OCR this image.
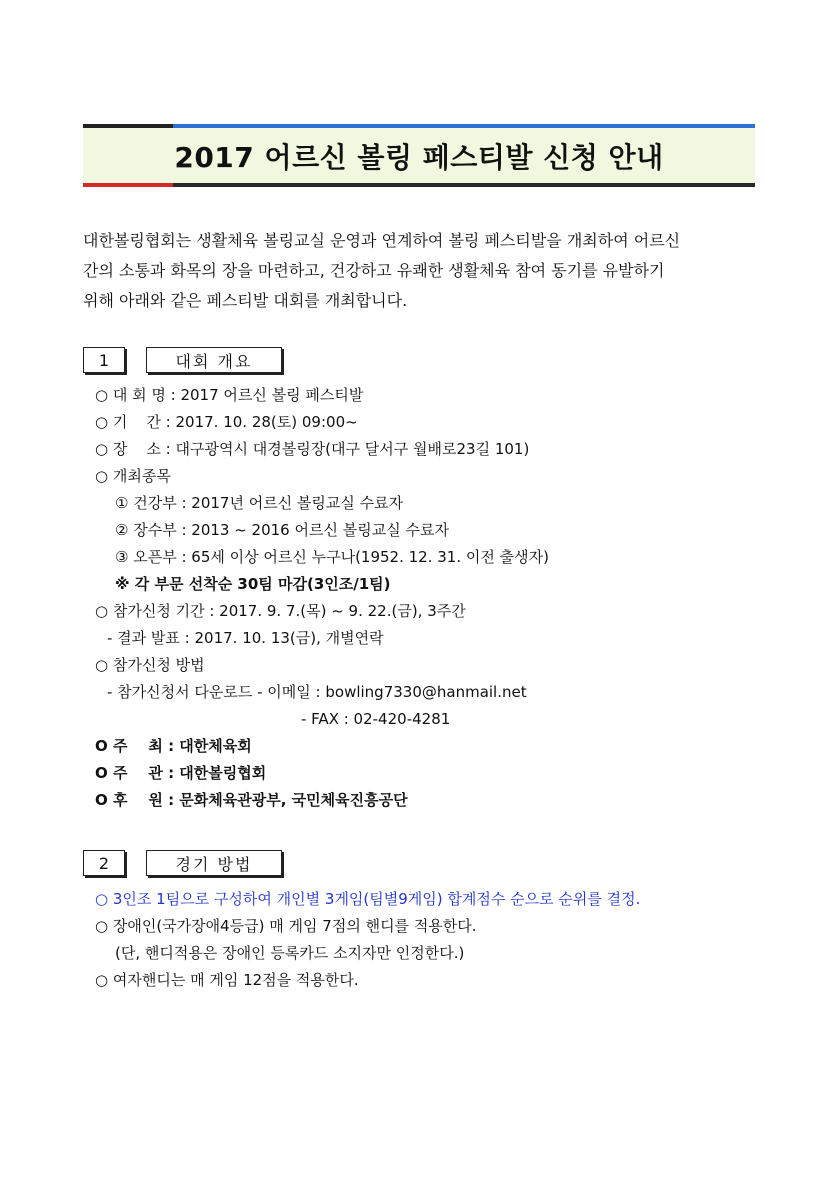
2017 어르신 볼링 페스티발 신청 안내

대한볼링협회는 생활체육 볼링교실 운영과 연계하여 볼링 페스티발을 개최하여 어르신

간의 소통과 화목의 장을 마련하고, 건강하고 유쾌한 생활체육 참여 동기를 유발하기

위해 아래와 같은 페스티발 대회를 개최합니다.

1	대회 개요
○ 대 회 명 : 2017 어르신 볼링 페스티발
○ 기    간 : 2017. 10. 28(토) 09:00~
○ 장    소 : 대구광역시 대경볼링장(대구 달서구 월배로23길 101)
○ 개최종목
① 건강부 : 2017년 어르신 볼링교실 수료자
② 장수부 : 2013 ~ 2016 어르신 볼링교실 수료자
③ 오픈부 : 65세 이상 어르신 누구나(1952. 12. 31. 이전 출생자)
※ 각 부문 선착순 30팀 마감(3인조/1팀)
○ 참가신청 기간 : 2017. 9. 7.(목) ~ 9. 22.(금), 3주간
- 결과 발표 : 2017. 10. 13(금), 개별연락
○ 참가신청 방법
- 참가신청서 다운로드 - 이메일 : bowling7330@hanmail.net
- FAX : 02-420-4281
O 주    최 : 대한체육회
O 주    관 : 대한볼링협회
O 후    원 : 문화체육관광부, 국민체육진흥공단
2	경기 방법
○ 3인조 1팀으로 구성하여 개인별 3게임(팀별9게임) 합계점수 순으로 순위를 결정.
○ 장애인(국가장애4등급) 매 게임 7점의 핸디를 적용한다.
(단, 핸디적용은 장애인 등록카드 소지자만 인정한다.)
○ 여자핸디는 매 게임 12점을 적용한다.
